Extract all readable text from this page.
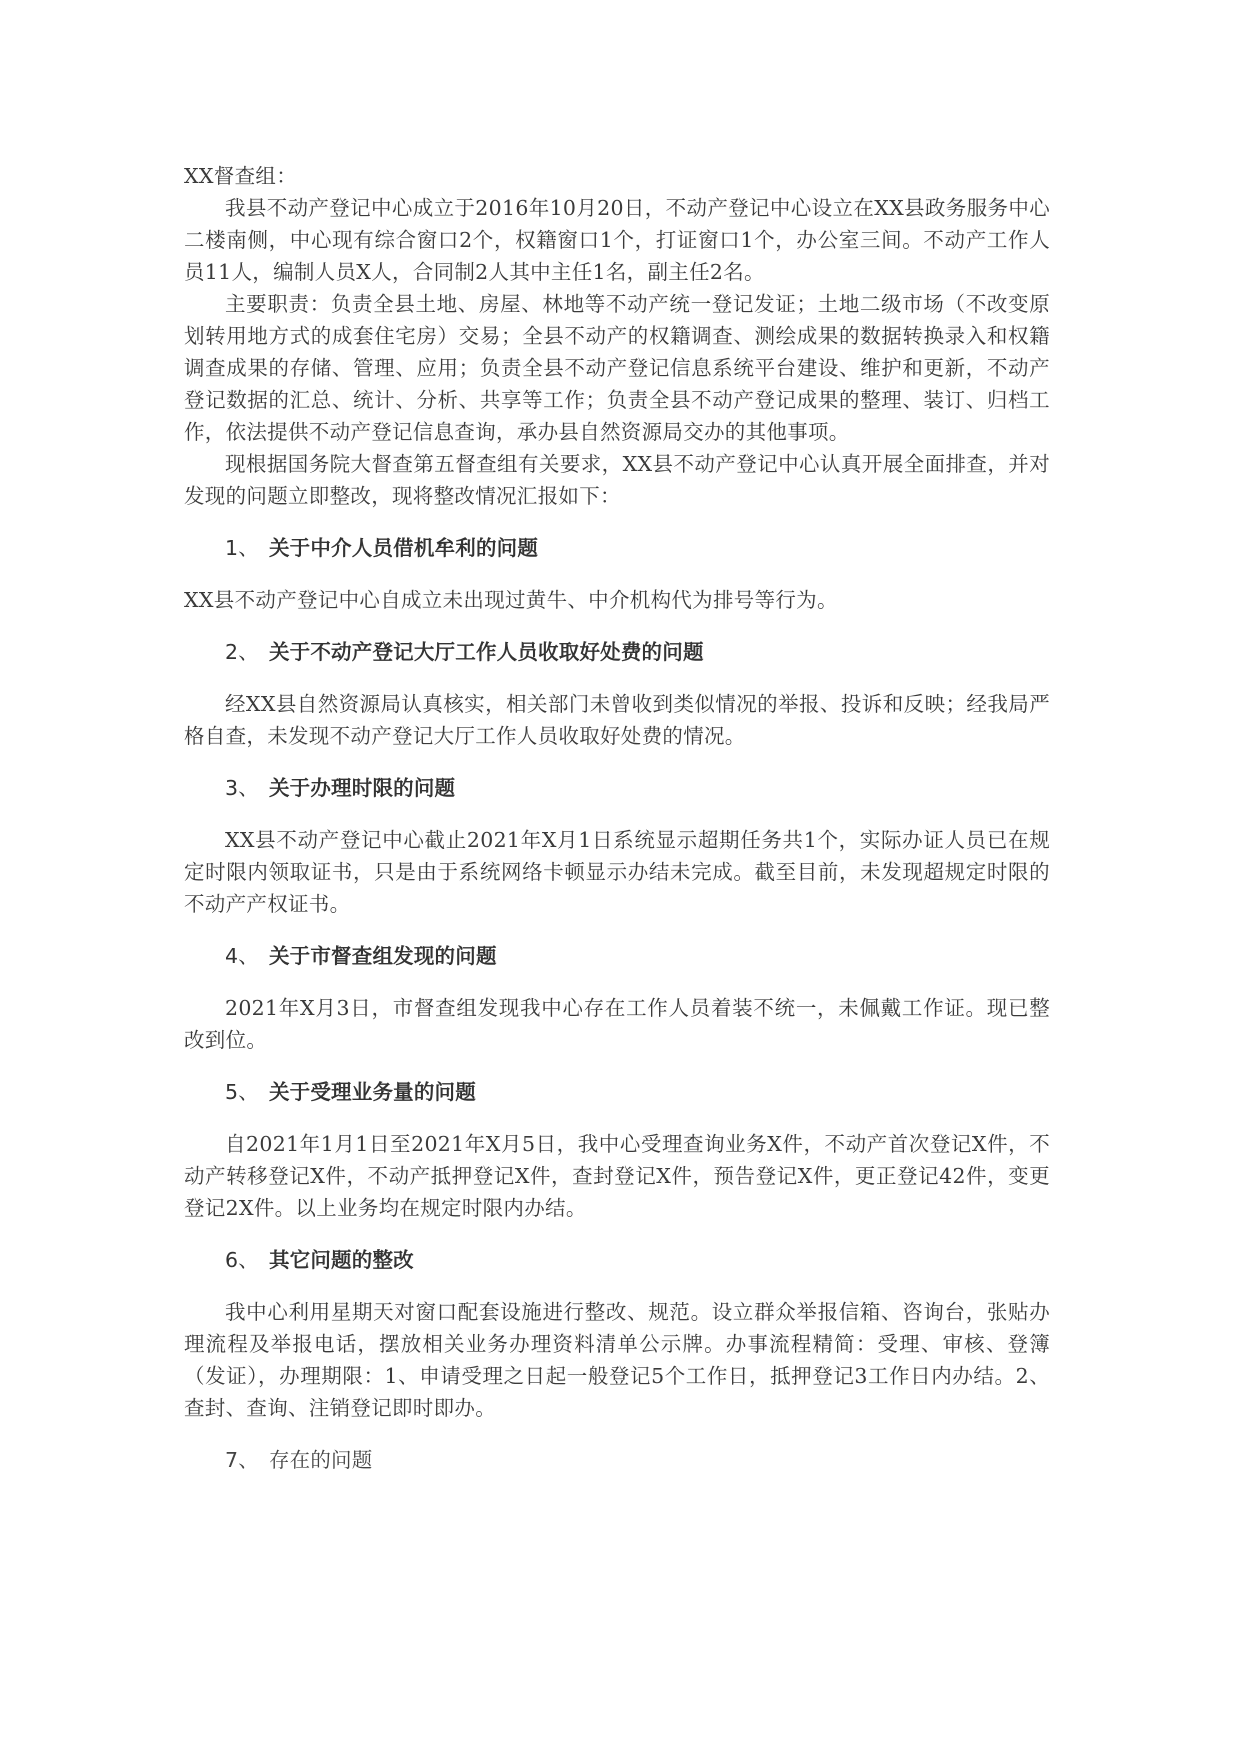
XX督查组：

我县不动产登记中心成立于2016年10月20日，不动产登记中心设立在XX县政务服务中心二楼南侧，中心现有综合窗口2个，权籍窗口1个，打证窗口1个，办公室三间。不动产工作人员11人，编制人员X人，合同制2人其中主任1名，副主任2名。

主要职责：负责全县土地、房屋、林地等不动产统一登记发证；土地二级市场（不改变原划转用地方式的成套住宅房）交易；全县不动产的权籍调查、测绘成果的数据转换录入和权籍调查成果的存储、管理、应用；负责全县不动产登记信息系统平台建设、维护和更新，不动产登记数据的汇总、统计、分析、共享等工作；负责全县不动产登记成果的整理、装订、归档工作，依法提供不动产登记信息查询，承办县自然资源局交办的其他事项。

现根据国务院大督查第五督查组有关要求，XX县不动产登记中心认真开展全面排查，并对发现的问题立即整改，现将整改情况汇报如下：

1、 关于中介人员借机牟利的问题

XX县不动产登记中心自成立未出现过黄牛、中介机构代为排号等行为。

2、 关于不动产登记大厅工作人员收取好处费的问题

经XX县自然资源局认真核实，相关部门未曾收到类似情况的举报、投诉和反映；经我局严格自查，未发现不动产登记大厅工作人员收取好处费的情况。

3、 关于办理时限的问题

XX县不动产登记中心截止2021年X月1日系统显示超期任务共1个，实际办证人员已在规定时限内领取证书，只是由于系统网络卡顿显示办结未完成。截至目前，未发现超规定时限的不动产产权证书。

4、 关于市督查组发现的问题

2021年X月3日，市督查组发现我中心存在工作人员着装不统一，未佩戴工作证。现已整改到位。

5、 关于受理业务量的问题

自2021年1月1日至2021年X月5日，我中心受理查询业务X件，不动产首次登记X件，不动产转移登记X件，不动产抵押登记X件，查封登记X件，预告登记X件，更正登记42件，变更登记2X件。以上业务均在规定时限内办结。

6、 其它问题的整改

我中心利用星期天对窗口配套设施进行整改、规范。设立群众举报信箱、咨询台，张贴办理流程及举报电话，摆放相关业务办理资料清单公示牌。办事流程精简：受理、审核、登簿（发证），办理期限：1、申请受理之日起一般登记5个工作日，抵押登记3工作日内办结。2、查封、查询、注销登记即时即办。

7、 存在的问题
